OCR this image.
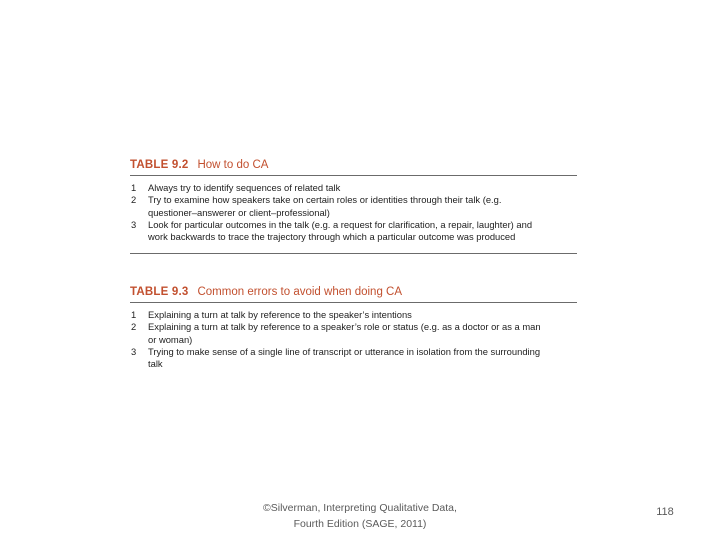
TABLE 9.2 How to do CA
1	Always try to identify sequences of related talk
2	Try to examine how speakers take on certain roles or identities through their talk (e.g.
questioner–answerer or client–professional)
3	Look for particular outcomes in the talk (e.g. a request for clarification, a repair, laughter) and
work backwards to trace the trajectory through which a particular outcome was produced
TABLE 9.3 Common errors to avoid when doing CA
1	Explaining a turn at talk by reference to the speaker’s intentions
2	Explaining a turn at talk by reference to a speaker’s role or status (e.g. as a doctor or as a man
or woman)
3	Trying to make sense of a single line of transcript or utterance in isolation from the surrounding
talk
©Silverman, Interpreting Qualitative Data,
Fourth Edition (SAGE, 2011)
118
